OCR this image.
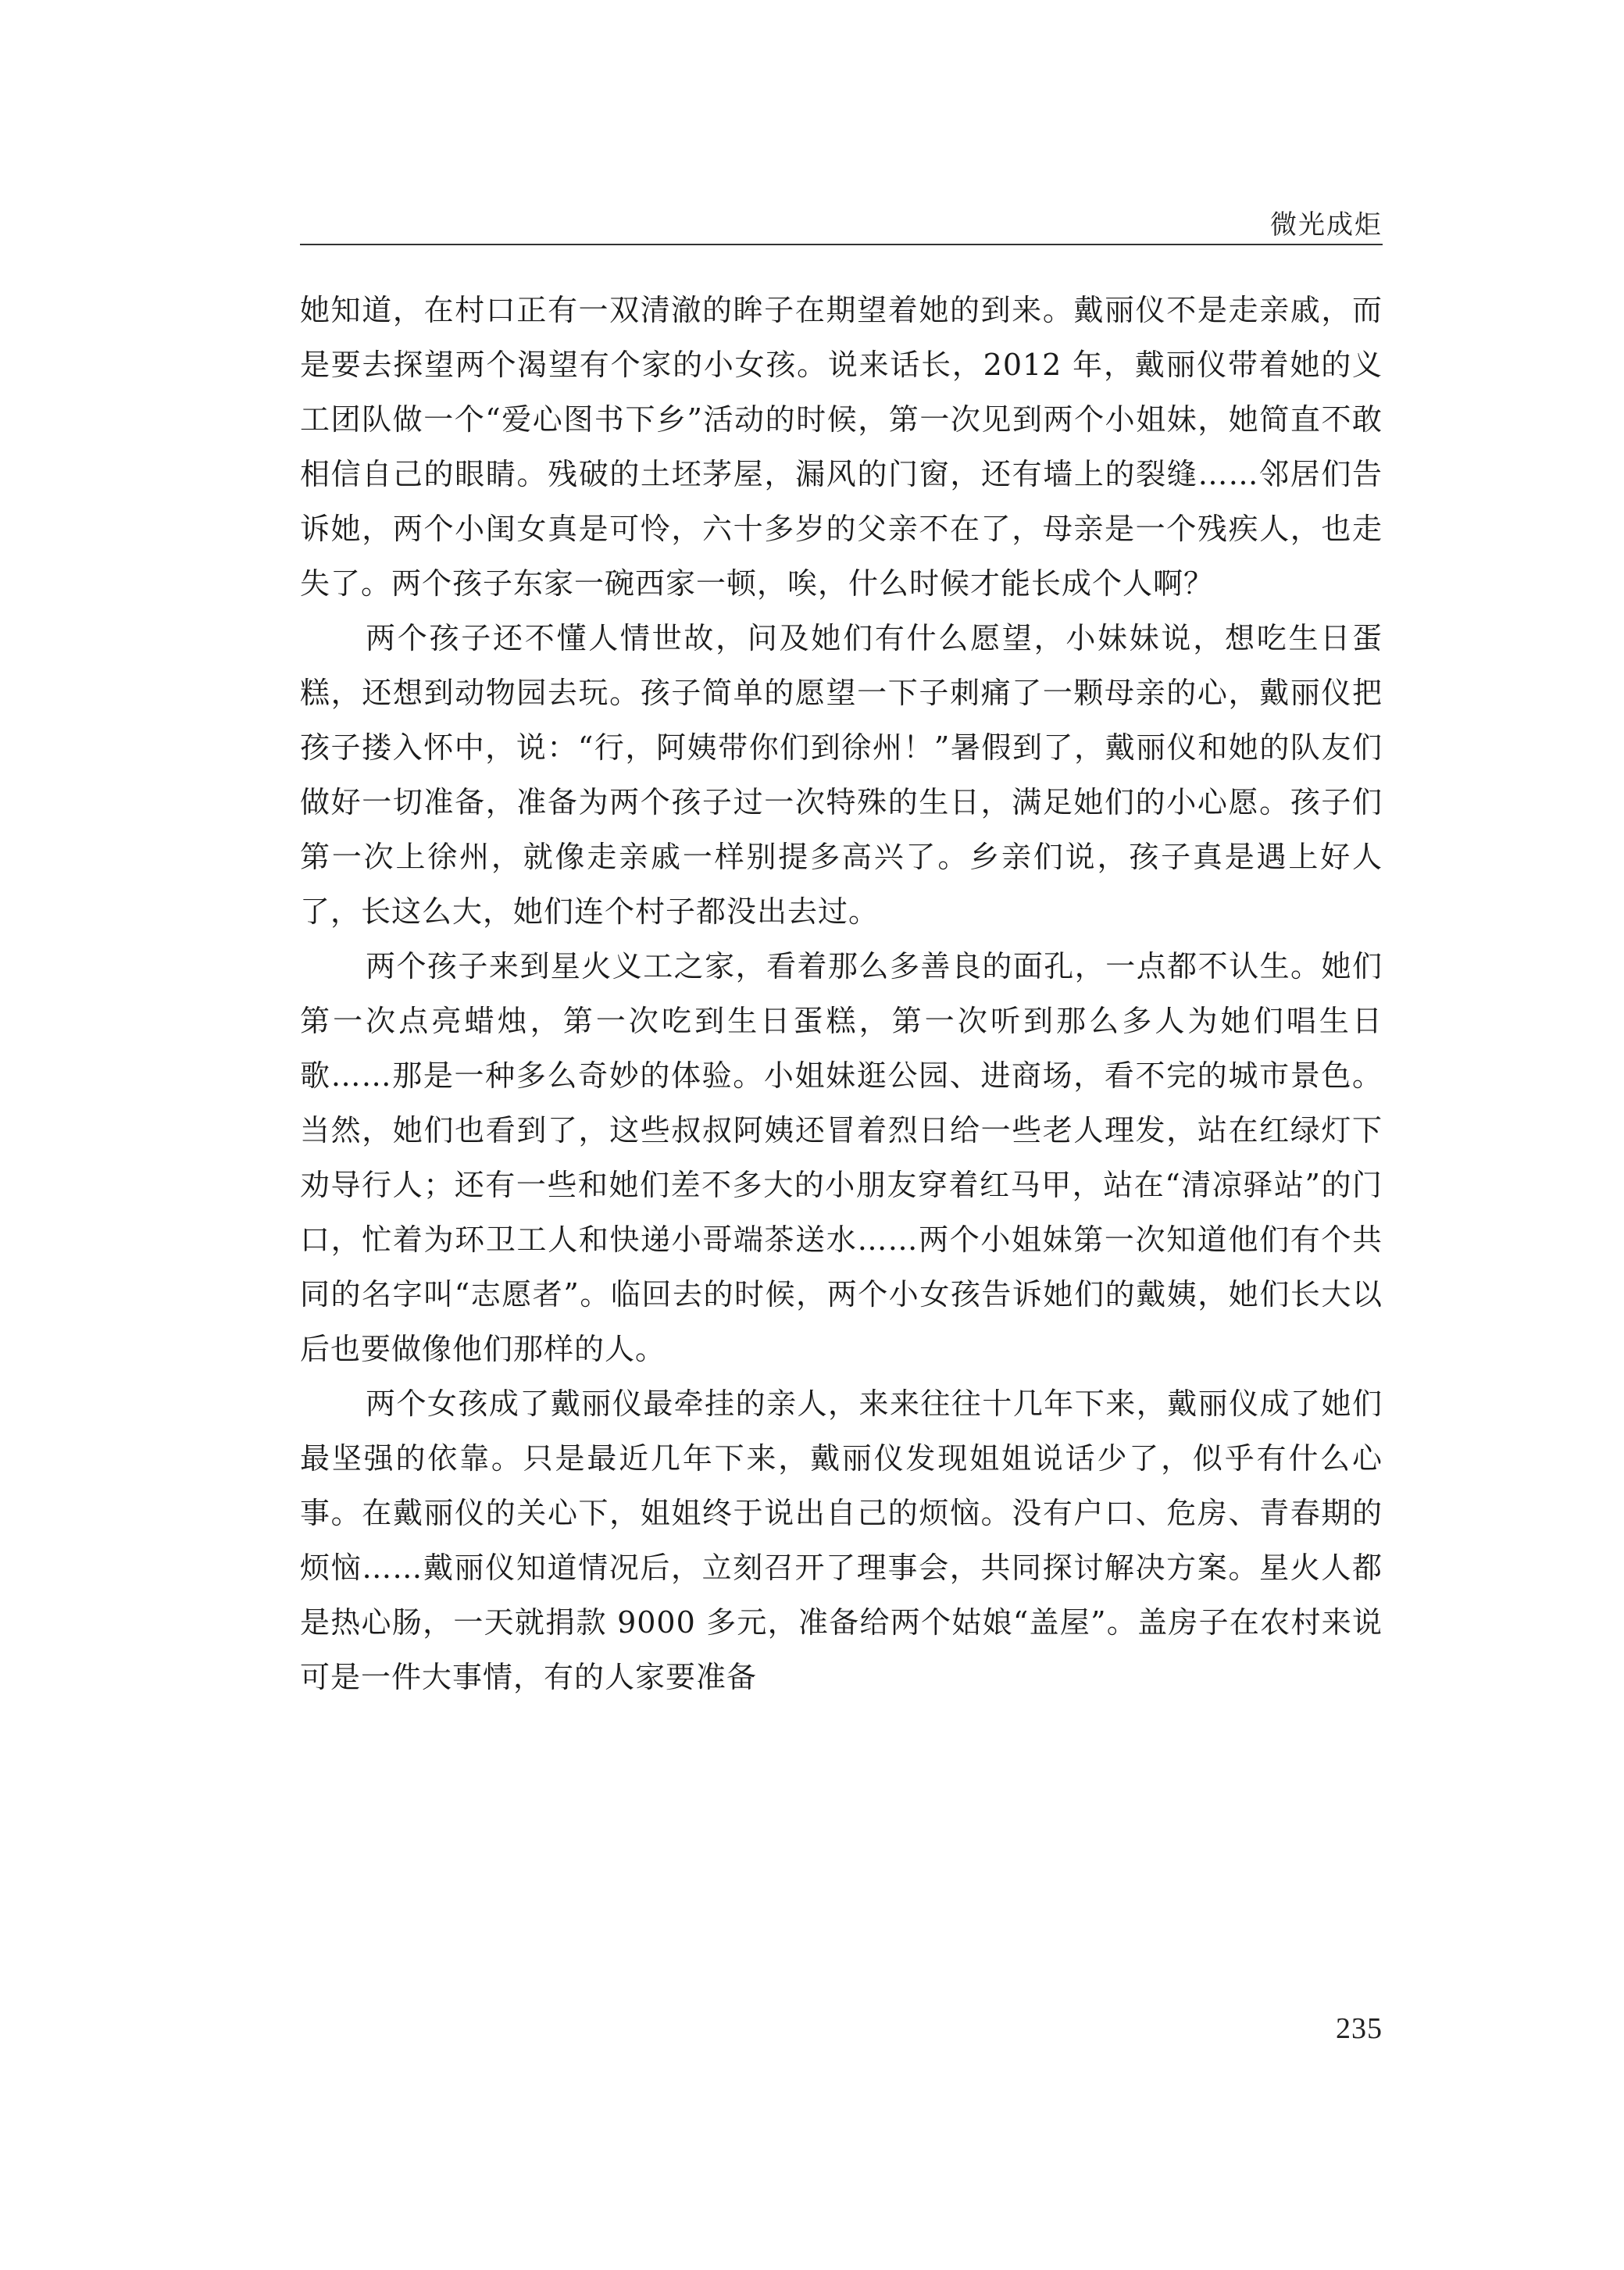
微光成炬

她知道，在村口正有一双清澈的眸子在期望着她的到来。戴丽仪不是走亲戚，而是要去探望两个渴望有个家的小女孩。说来话长，2012 年，戴丽仪带着她的义工团队做一个“爱心图书下乡”活动的时候，第一次见到两个小姐妹，她简直不敢相信自己的眼睛。残破的土坯茅屋，漏风的门窗，还有墙上的裂缝……邻居们告诉她，两个小闺女真是可怜，六十多岁的父亲不在了，母亲是一个残疾人，也走失了。两个孩子东家一碗西家一顿，唉，什么时候才能长成个人啊？

两个孩子还不懂人情世故，问及她们有什么愿望，小妹妹说，想吃生日蛋糕，还想到动物园去玩。孩子简单的愿望一下子刺痛了一颗母亲的心，戴丽仪把孩子搂入怀中，说：“行，阿姨带你们到徐州！”暑假到了，戴丽仪和她的队友们做好一切准备，准备为两个孩子过一次特殊的生日，满足她们的小心愿。孩子们第一次上徐州，就像走亲戚一样别提多高兴了。乡亲们说，孩子真是遇上好人了，长这么大，她们连个村子都没出去过。

两个孩子来到星火义工之家，看着那么多善良的面孔，一点都不认生。她们第一次点亮蜡烛，第一次吃到生日蛋糕，第一次听到那么多人为她们唱生日歌……那是一种多么奇妙的体验。小姐妹逛公园、进商场，看不完的城市景色。当然，她们也看到了，这些叔叔阿姨还冒着烈日给一些老人理发，站在红绿灯下劝导行人；还有一些和她们差不多大的小朋友穿着红马甲，站在“清凉驿站”的门口，忙着为环卫工人和快递小哥端茶送水……两个小姐妹第一次知道他们有个共同的名字叫“志愿者”。临回去的时候，两个小女孩告诉她们的戴姨，她们长大以后也要做像他们那样的人。

两个女孩成了戴丽仪最牵挂的亲人，来来往往十几年下来，戴丽仪成了她们最坚强的依靠。只是最近几年下来，戴丽仪发现姐姐说话少了，似乎有什么心事。在戴丽仪的关心下，姐姐终于说出自己的烦恼。没有户口、危房、青春期的烦恼……戴丽仪知道情况后，立刻召开了理事会，共同探讨解决方案。星火人都是热心肠，一天就捐款 9000 多元，准备给两个姑娘“盖屋”。盖房子在农村来说可是一件大事情，有的人家要准备

235
